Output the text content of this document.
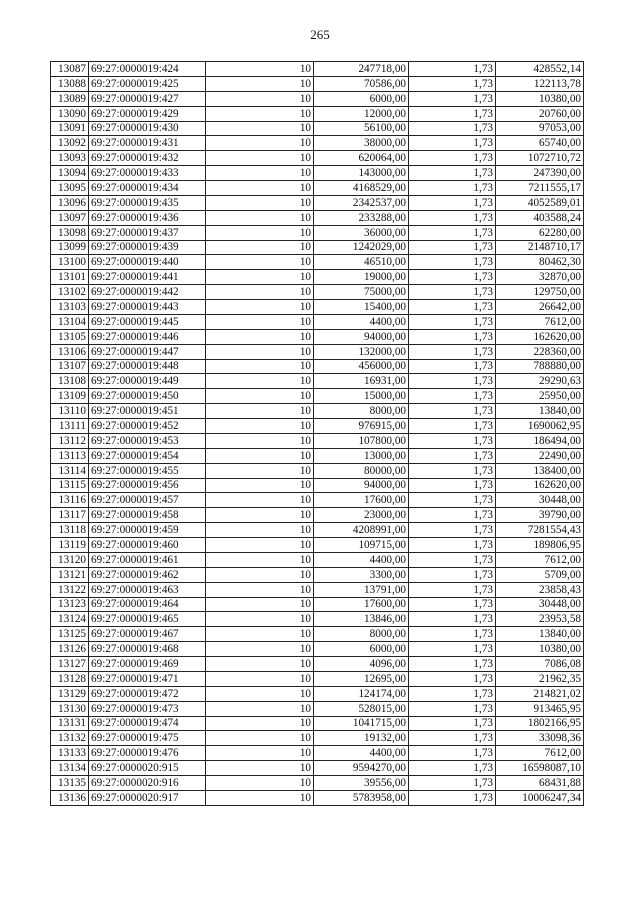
265
13087	69:27:0000019:424	10	247718,00	1,73	428552,14
13088	69:27:0000019:425	10	70586,00	1,73	122113,78
13089	69:27:0000019:427	10	6000,00	1,73	10380,00
13090	69:27:0000019:429	10	12000,00	1,73	20760,00
13091	69:27:0000019:430	10	56100,00	1,73	97053,00
13092	69:27:0000019:431	10	38000,00	1,73	65740,00
13093	69:27:0000019:432	10	620064,00	1,73	1072710,72
13094	69:27:0000019:433	10	143000,00	1,73	247390,00
13095	69:27:0000019:434	10	4168529,00	1,73	7211555,17
13096	69:27:0000019:435	10	2342537,00	1,73	4052589,01
13097	69:27:0000019:436	10	233288,00	1,73	403588,24
13098	69:27:0000019:437	10	36000,00	1,73	62280,00
13099	69:27:0000019:439	10	1242029,00	1,73	2148710,17
13100	69:27:0000019:440	10	46510,00	1,73	80462,30
13101	69:27:0000019:441	10	19000,00	1,73	32870,00
13102	69:27:0000019:442	10	75000,00	1,73	129750,00
13103	69:27:0000019:443	10	15400,00	1,73	26642,00
13104	69:27:0000019:445	10	4400,00	1,73	7612,00
13105	69:27:0000019:446	10	94000,00	1,73	162620,00
13106	69:27:0000019:447	10	132000,00	1,73	228360,00
13107	69:27:0000019:448	10	456000,00	1,73	788880,00
13108	69:27:0000019:449	10	16931,00	1,73	29290,63
13109	69:27:0000019:450	10	15000,00	1,73	25950,00
13110	69:27:0000019:451	10	8000,00	1,73	13840,00
13111	69:27:0000019:452	10	976915,00	1,73	1690062,95
13112	69:27:0000019:453	10	107800,00	1,73	186494,00
13113	69:27:0000019:454	10	13000,00	1,73	22490,00
13114	69:27:0000019:455	10	80000,00	1,73	138400,00
13115	69:27:0000019:456	10	94000,00	1,73	162620,00
13116	69:27:0000019:457	10	17600,00	1,73	30448,00
13117	69:27:0000019:458	10	23000,00	1,73	39790,00
13118	69:27:0000019:459	10	4208991,00	1,73	7281554,43
13119	69:27:0000019:460	10	109715,00	1,73	189806,95
13120	69:27:0000019:461	10	4400,00	1,73	7612,00
13121	69:27:0000019:462	10	3300,00	1,73	5709,00
13122	69:27:0000019:463	10	13791,00	1,73	23858,43
13123	69:27:0000019:464	10	17600,00	1,73	30448,00
13124	69:27:0000019:465	10	13846,00	1,73	23953,58
13125	69:27:0000019:467	10	8000,00	1,73	13840,00
13126	69:27:0000019:468	10	6000,00	1,73	10380,00
13127	69:27:0000019:469	10	4096,00	1,73	7086,08
13128	69:27:0000019:471	10	12695,00	1,73	21962,35
13129	69:27:0000019:472	10	124174,00	1,73	214821,02
13130	69:27:0000019:473	10	528015,00	1,73	913465,95
13131	69:27:0000019:474	10	1041715,00	1,73	1802166,95
13132	69:27:0000019:475	10	19132,00	1,73	33098,36
13133	69:27:0000019:476	10	4400,00	1,73	7612,00
13134	69:27:0000020:915	10	9594270,00	1,73	16598087,10
13135	69:27:0000020:916	10	39556,00	1,73	68431,88
13136	69:27:0000020:917	10	5783958,00	1,73	10006247,34
